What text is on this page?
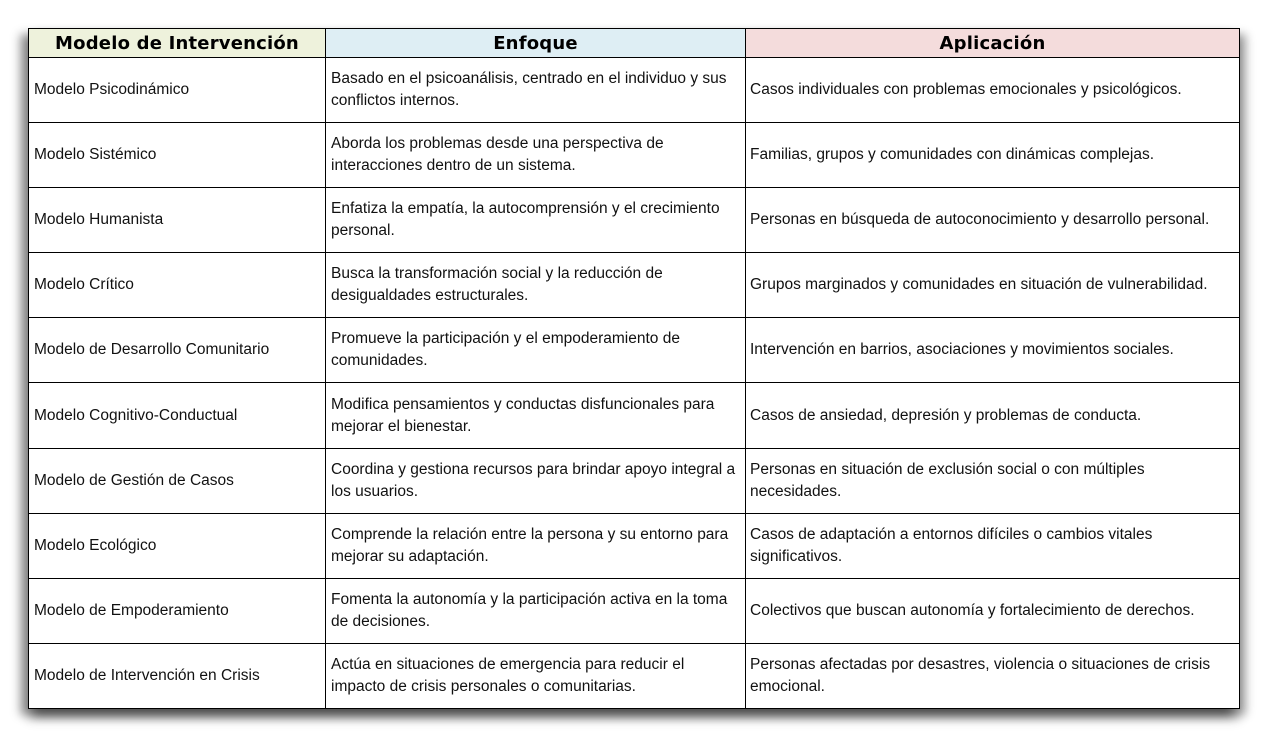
Modelo de Intervención	Enfoque	Aplicación
Modelo Psicodinámico	Basado en el psicoanálisis, centrado en el individuo y sus conflictos internos.	Casos individuales con problemas emocionales y psicológicos.
Modelo Sistémico	Aborda los problemas desde una perspectiva de interacciones dentro de un sistema.	Familias, grupos y comunidades con dinámicas complejas.
Modelo Humanista	Enfatiza la empatía, la autocomprensión y el crecimiento personal.	Personas en búsqueda de autoconocimiento y desarrollo personal.
Modelo Crítico	Busca la transformación social y la reducción de desigualdades estructurales.	Grupos marginados y comunidades en situación de vulnerabilidad.
Modelo de Desarrollo Comunitario	Promueve la participación y el empoderamiento de comunidades.	Intervención en barrios, asociaciones y movimientos sociales.
Modelo Cognitivo-Conductual	Modifica pensamientos y conductas disfuncionales para mejorar el bienestar.	Casos de ansiedad, depresión y problemas de conducta.
Modelo de Gestión de Casos	Coordina y gestiona recursos para brindar apoyo integral a los usuarios.	Personas en situación de exclusión social o con múltiples necesidades.
Modelo Ecológico	Comprende la relación entre la persona y su entorno para mejorar su adaptación.	Casos de adaptación a entornos difíciles o cambios vitales significativos.
Modelo de Empoderamiento	Fomenta la autonomía y la participación activa en la toma de decisiones.	Colectivos que buscan autonomía y fortalecimiento de derechos.
Modelo de Intervención en Crisis	Actúa en situaciones de emergencia para reducir el impacto de crisis personales o comunitarias.	Personas afectadas por desastres, violencia o situaciones de crisis emocional.
